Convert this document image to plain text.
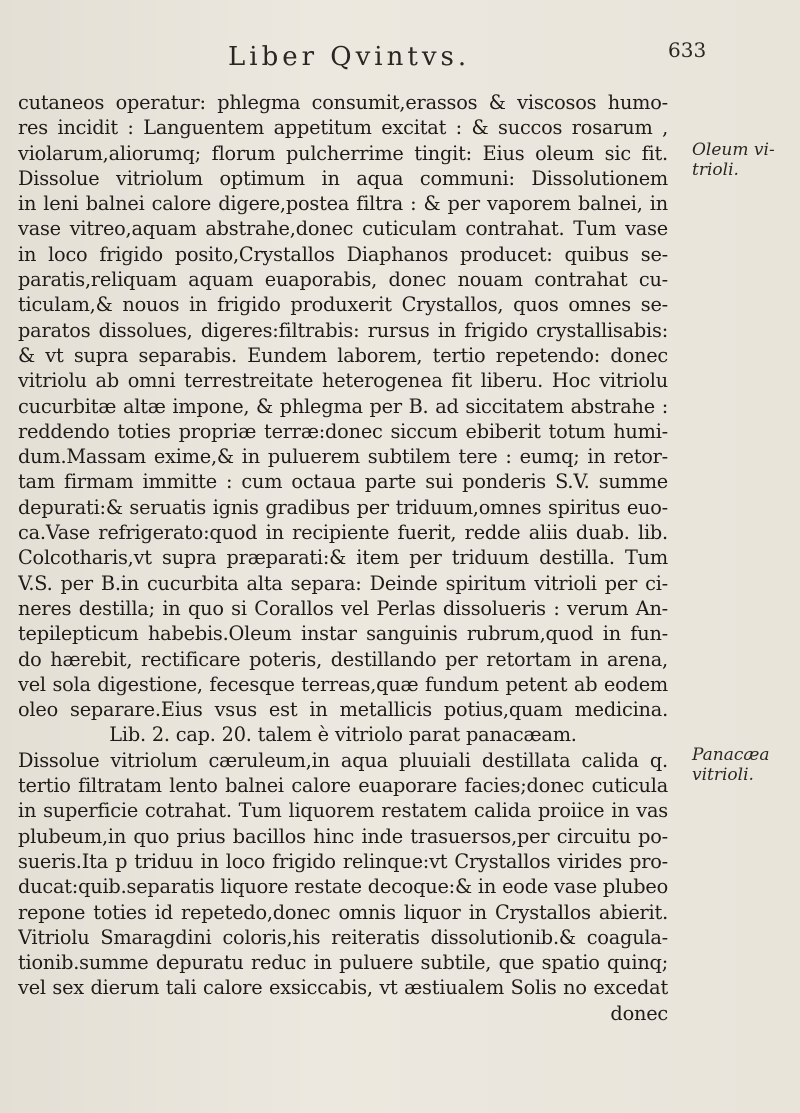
Liber Qvintvs.	633
cutaneos operatur: phlegma consumit,erassos & viscosos humo-
res incidit : Languentem appetitum excitat : & succos rosarum ,
violarum,aliorumq; florum pulcherrime tingit: Eius oleum sic fit.
Dissolue vitriolum optimum in aqua communi: Dissolutionem
in leni balnei calore digere,postea filtra : & per vaporem balnei, in
vase vitreo,aquam abstrahe,donec cuticulam contrahat. Tum vase
in loco frigido posito,Crystallos Diaphanos producet: quibus se-
paratis,reliquam aquam euaporabis, donec nouam contrahat cu-
ticulam,& nouos in frigido produxerit Crystallos, quos omnes se-
paratos dissolues, digeres:filtrabis: rursus in frigido crystallisabis:
& vt supra separabis. Eundem laborem, tertio repetendo: donec
vitriolu ab omni terrestreitate heterogenea fit liberu. Hoc vitriolu
cucurbitæ altæ impone, & phlegma per B. ad siccitatem abstrahe :
reddendo toties propriæ terræ:donec siccum ebiberit totum humi-
dum.Massam exime,& in puluerem subtilem tere : eumq; in retor-
tam firmam immitte : cum octaua parte sui ponderis S.V. summe
depurati:& seruatis ignis gradibus per triduum,omnes spiritus euo-
ca.Vase refrigerato:quod in recipiente fuerit, redde aliis duab. lib.
Colcotharis,vt supra præparati:& item per triduum destilla. Tum
V.S. per B.in cucurbita alta separa: Deinde spiritum vitrioli per ci-
neres destilla; in quo si Corallos vel Perlas dissolueris : verum An-
tepilepticum habebis.Oleum instar sanguinis rubrum,quod in fun-
do hærebit, rectificare poteris, destillando per retortam in arena,
vel sola digestione, fecesque terreas,quæ fundum petent ab eodem
oleo separare.Eius vsus est in metallicis potius,quam medicina.
Lib. 2. cap. 20. talem è vitriolo parat panacæam.
Dissolue vitriolum cæruleum,in aqua pluuiali destillata calida q.
tertio filtratam lento balnei calore euaporare facies;donec cuticula
in superficie cotrahat. Tum liquorem restatem calida proiice in vas
plubeum,in quo prius bacillos hinc inde trasuersos,per circuitu po-
sueris.Ita p triduu in loco frigido relinque:vt Crystallos virides pro-
ducat:quib.separatis liquore restate decoque:& in eode vase plubeo
repone toties id repetedo,donec omnis liquor in Crystallos abierit.
Vitriolu Smaragdini coloris,his reiteratis dissolutionib.& coagula-
tionib.summe depuratu reduc in puluere subtile, que spatio quinq;
vel sex dierum tali calore exsiccabis, vt æstiualem Solis no excedat
donec
Oleum vi-
trioli.
Panacæa
vitrioli.
